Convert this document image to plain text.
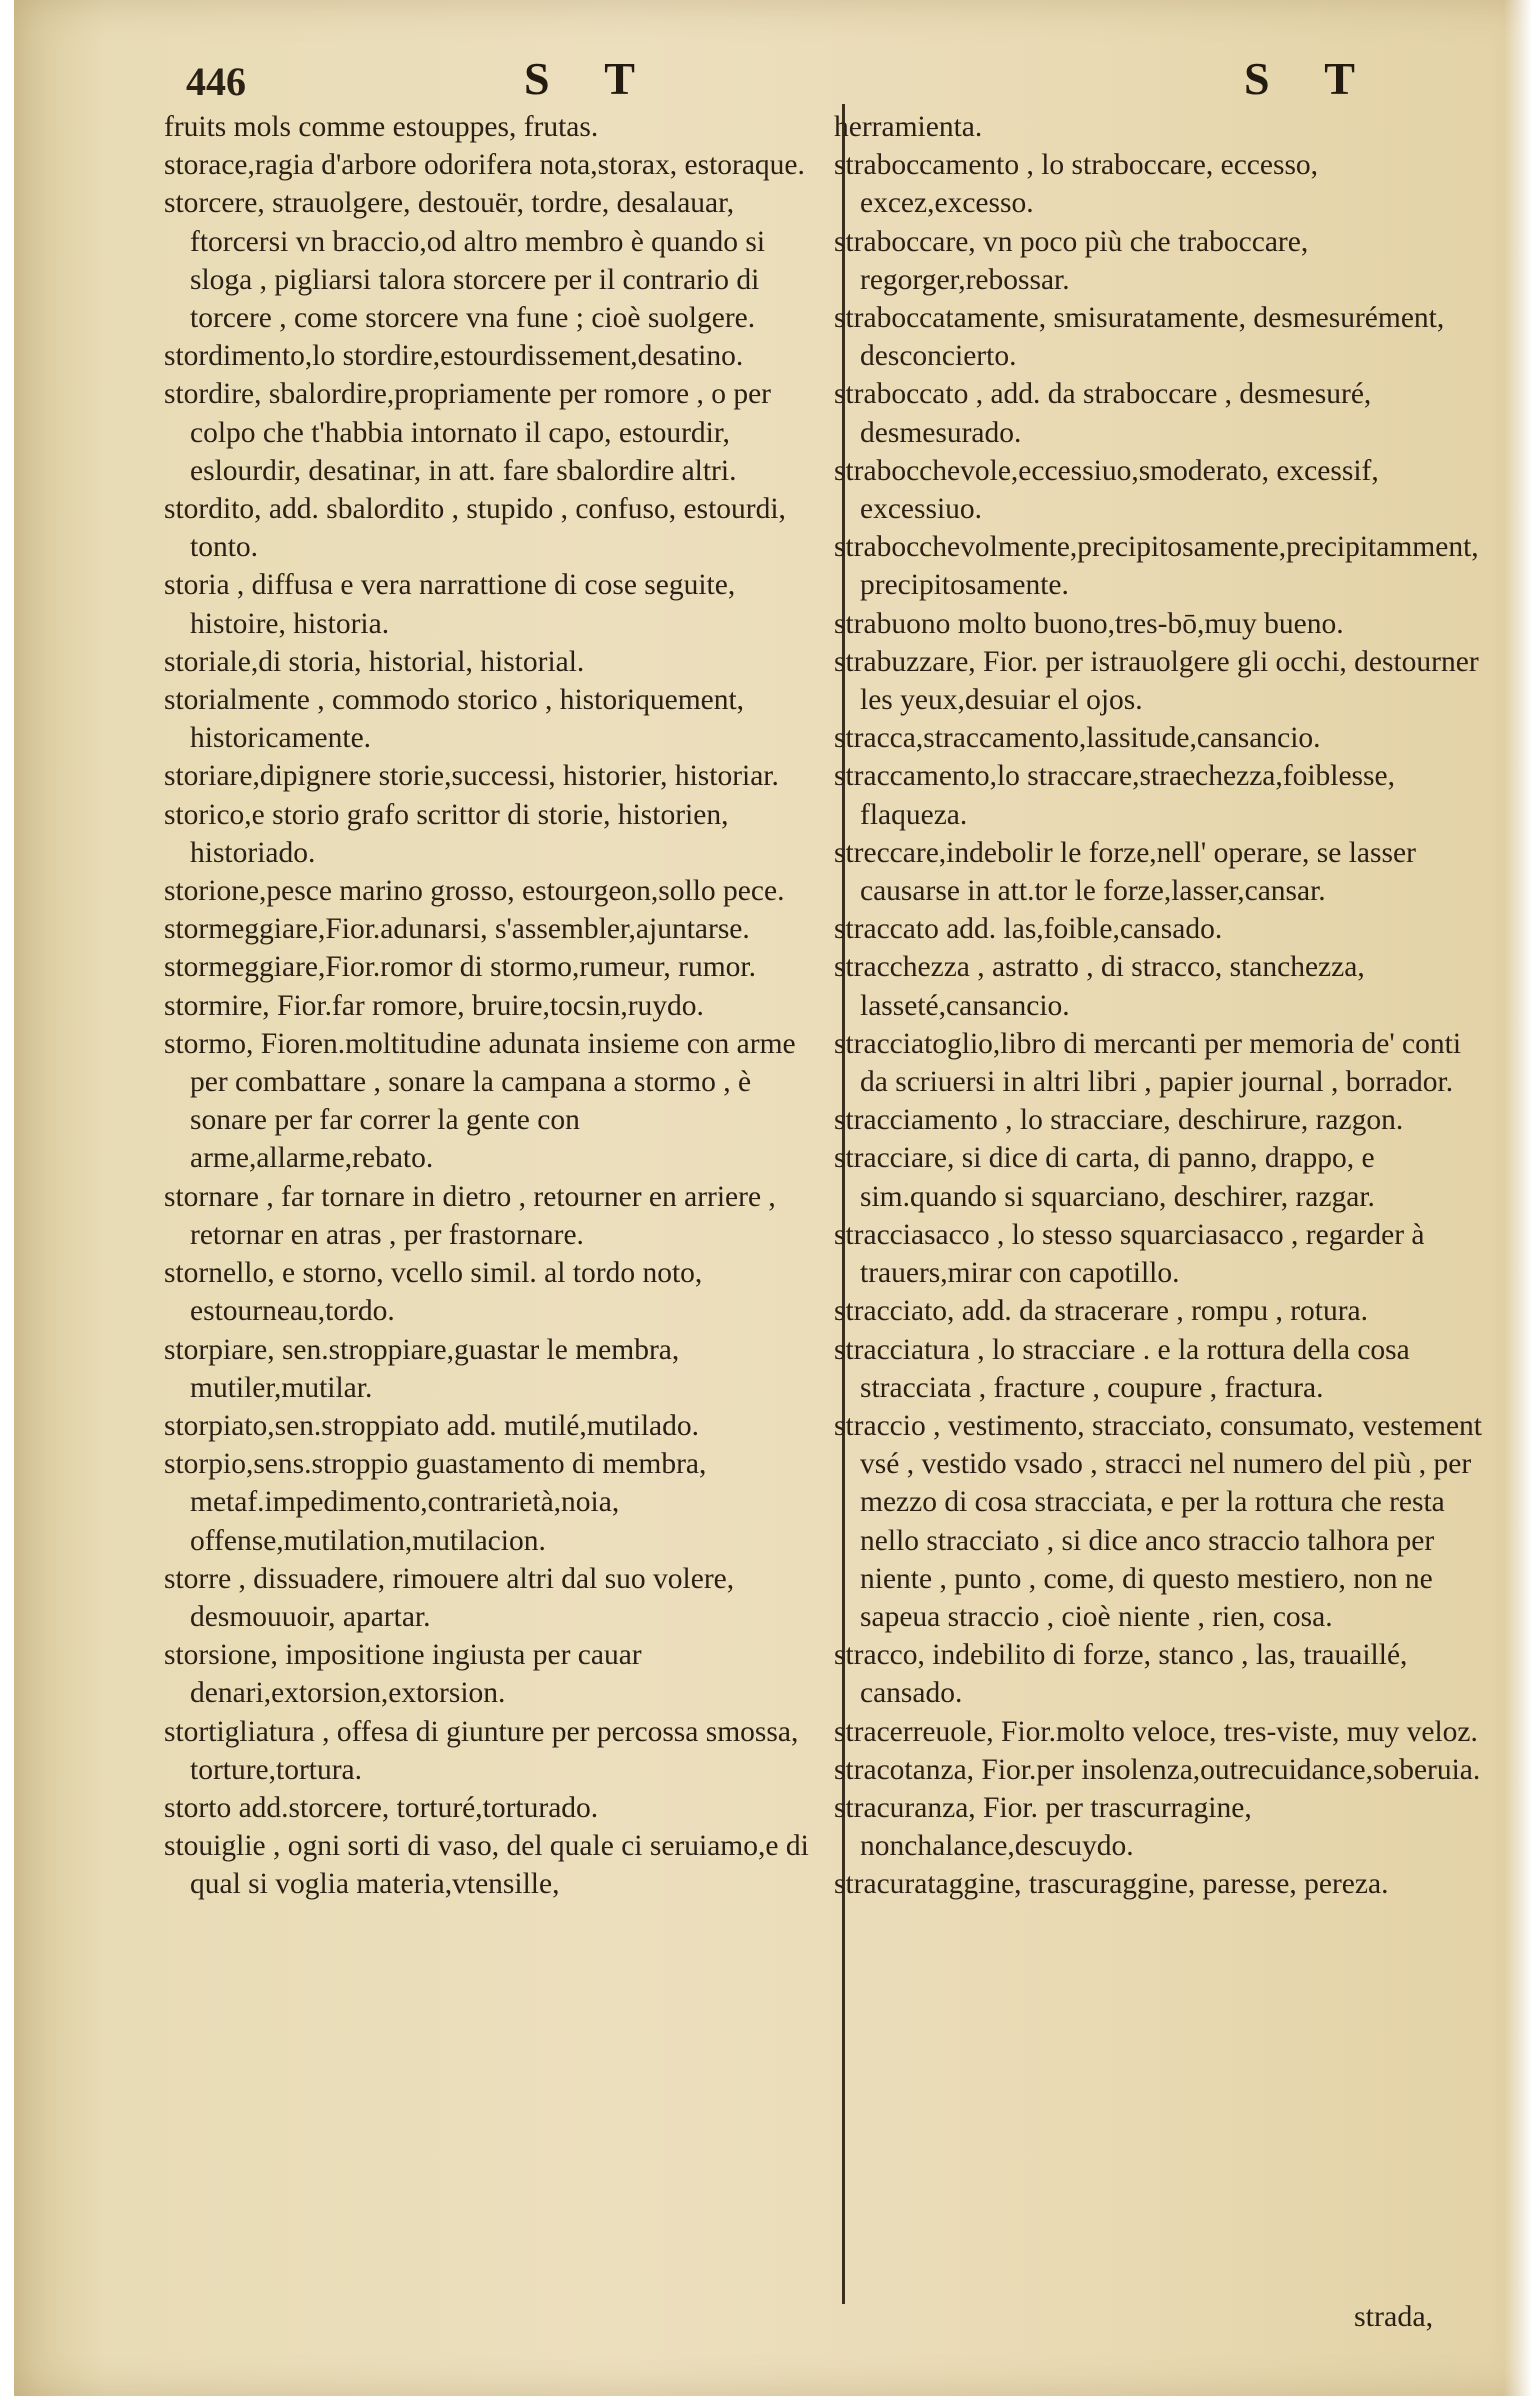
446	S T	S T

fruits mols comme estouppes, frutas.

storace,ragia d'arbore odorifera nota,storax, estoraque.

storcere, strauolgere, destouër, tordre, desalauar, ftorcersi vn braccio,od altro membro è quando si sloga , pigliarsi talora storcere per il contrario di torcere , come storcere vna fune ; cioè suolgere.

stordimento,lo stordire,estourdissement,desatino.

stordire, sbalordire,propriamente per romore , o per colpo che t'habbia intornato il capo, estourdir, eslourdir, desatinar, in att. fare sbalordire altri.

stordito, add. sbalordito , stupido , confuso, estourdi, tonto.

storia , diffusa e vera narrattione di cose seguite, histoire, historia.

storiale,di storia, historial, historial.

storialmente , commodo storico , historiquement, historicamente.

storiare,dipignere storie,successi, historier, historiar.

storico,e storio grafo scrittor di storie, historien, historiado.

storione,pesce marino grosso, estourgeon,sollo pece.

stormeggiare,Fior.adunarsi, s'assembler,ajuntarse.

stormeggiare,Fior.romor di stormo,rumeur, rumor.

stormire, Fior.far romore, bruire,tocsin,ruydo.

stormo, Fioren.moltitudine adunata insieme con arme per combattare , sonare la campana a stormo , è sonare per far correr la gente con arme,allarme,rebato.

stornare , far tornare in dietro , retourner en arriere , retornar en atras , per frastornare.

stornello, e storno, vcello simil. al tordo noto, estourneau,tordo.

storpiare, sen.stroppiare,guastar le membra, mutiler,mutilar.

storpiato,sen.stroppiato add. mutilé,mutilado.

storpio,sens.stroppio guastamento di membra, metaf.impedimento,contrarietà,noia, offense,mutilation,mutilacion.

storre , dissuadere, rimouere altri dal suo volere, desmouuoir, apartar.

storsione, impositione ingiusta per cauar denari,extorsion,extorsion.

stortigliatura , offesa di giunture per percossa smossa, torture,tortura.

storto add.storcere, torturé,torturado.

stouiglie , ogni sorti di vaso, del quale ci seruiamo,e di qual si voglia materia,vtensille,

herramienta.

straboccamento , lo straboccare, eccesso, excez,excesso.

straboccare, vn poco più che traboccare, regorger,rebossar.

straboccatamente, smisuratamente, desmesurément, desconcierto.

straboccato , add. da straboccare , desmesuré, desmesurado.

strabocchevole,eccessiuo,smoderato, excessif, excessiuo.

strabocchevolmente,precipitosamente,precipitamment, precipitosamente.

strabuono molto buono,tres-bō,muy bueno.

strabuzzare, Fior. per istrauolgere gli occhi, destourner les yeux,desuiar el ojos.

stracca,straccamento,lassitude,cansancio.

straccamento,lo straccare,straechezza,foiblesse, flaqueza.

streccare,indebolir le forze,nell' operare, se lasser causarse in att.tor le forze,lasser,cansar.

straccato add. las,foible,cansado.

stracchezza , astratto , di stracco, stanchezza, lasseté,cansancio.

stracciatoglio,libro di mercanti per memoria de' conti da scriuersi in altri libri , papier journal , borrador.

stracciamento , lo stracciare, deschirure, razgon.

stracciare, si dice di carta, di panno, drappo, e sim.quando si squarciano, deschirer, razgar.

stracciasacco , lo stesso squarciasacco , regarder à trauers,mirar con capotillo.

stracciato, add. da stracerare , rompu , rotura.

stracciatura , lo stracciare . e la rottura della cosa stracciata , fracture , coupure , fractura.

straccio , vestimento, stracciato, consumato, vestement vsé , vestido vsado , stracci nel numero del più , per mezzo di cosa stracciata, e per la rottura che resta nello stracciato , si dice anco straccio talhora per niente , punto , come, di questo mestiero, non ne sapeua straccio , cioè niente , rien, cosa.

stracco, indebilito di forze, stanco , las, trauaillé, cansado.

stracerreuole, Fior.molto veloce, tres-viste, muy veloz.

stracotanza, Fior.per insolenza,outrecuidance,soberuia.

stracuranza, Fior. per trascurragine, nonchalance,descuydo.

stracurataggine, trascuraggine, paresse, pereza.

strada,
